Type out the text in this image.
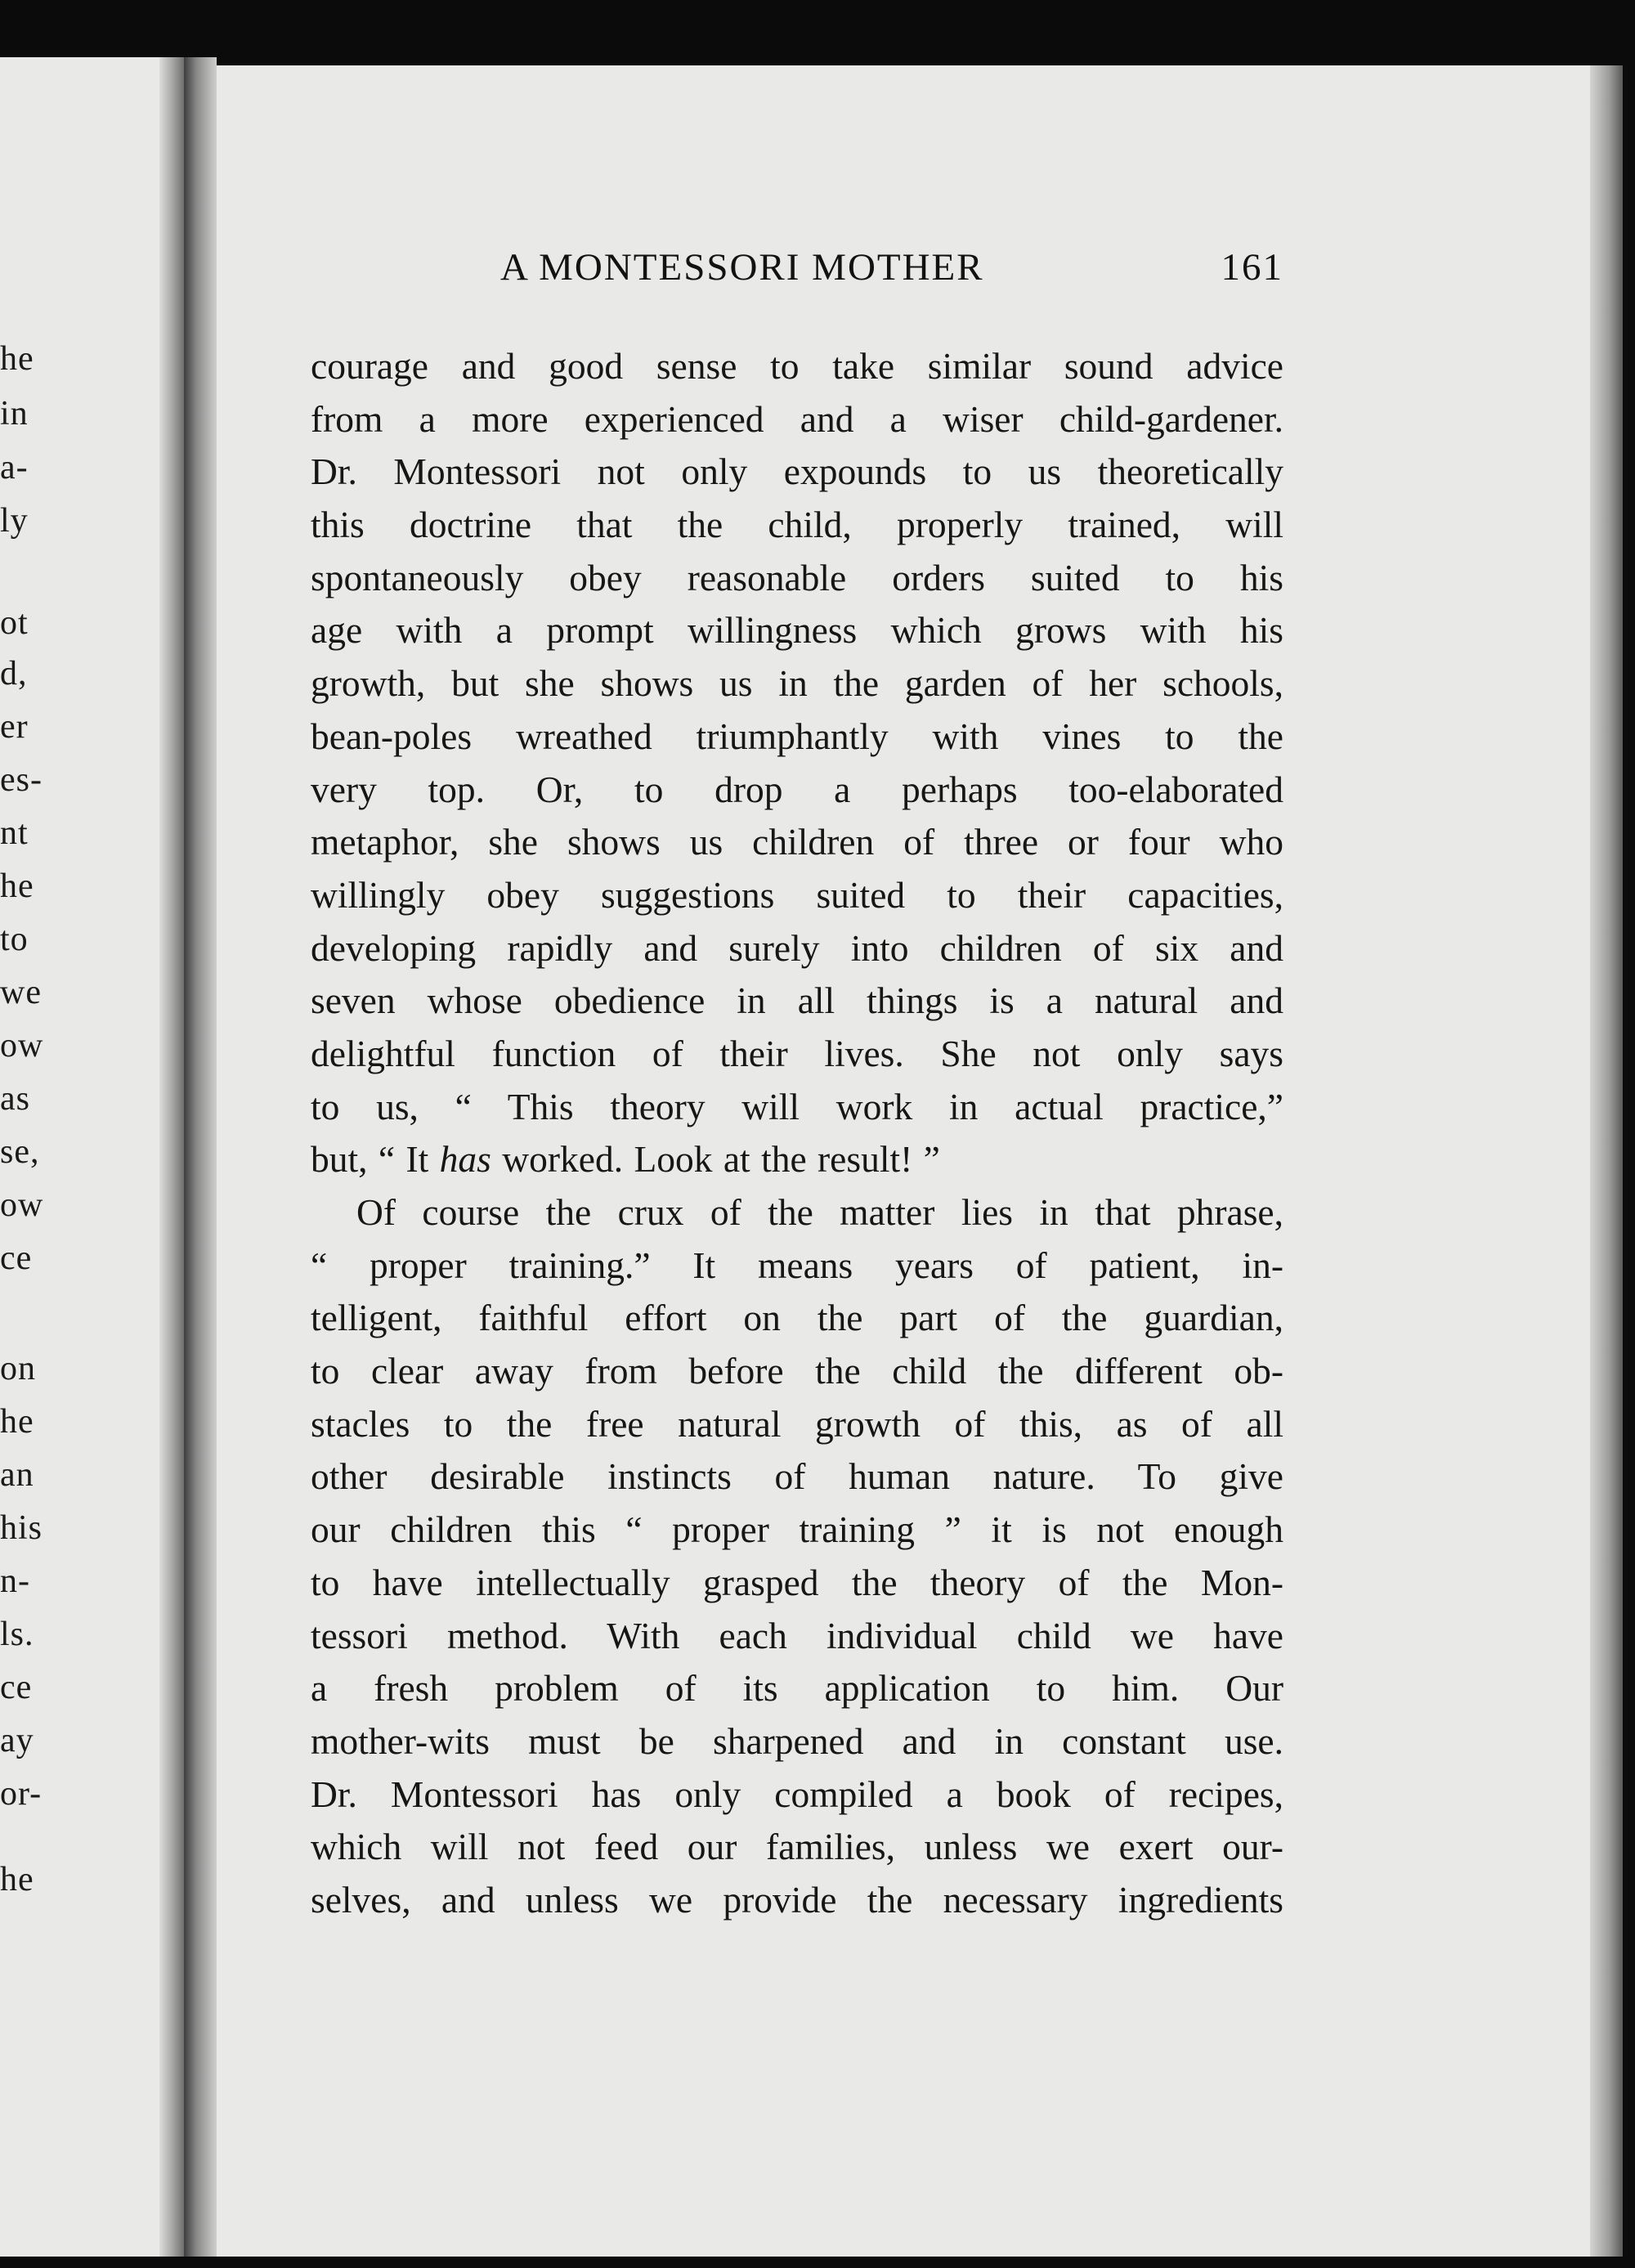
he
in
a-
ly
ot
d,
er
es-
nt
he
to
we
ow
as
se,
ow
ce
on
he
an
his
n-
ls.
ce
ay
or-
he
A MONTESSORI MOTHER	161
courage and good sense to take similar sound advice
from a more experienced and a wiser child-gardener.
Dr. Montessori not only expounds to us theoretically
this doctrine that the child, properly trained, will
spontaneously obey reasonable orders suited to his
age with a prompt willingness which grows with his
growth, but she shows us in the garden of her schools,
bean-poles wreathed triumphantly with vines to the
very top. Or, to drop a perhaps too-elaborated
metaphor, she shows us children of three or four who
willingly obey suggestions suited to their capacities,
developing rapidly and surely into children of six and
seven whose obedience in all things is a natural and
delightful function of their lives. She not only says
to us, “ This theory will work in actual practice,”
but, “ It has worked. Look at the result! ”
Of course the crux of the matter lies in that phrase,
“ proper training.” It means years of patient, in-
telligent, faithful effort on the part of the guardian,
to clear away from before the child the different ob-
stacles to the free natural growth of this, as of all
other desirable instincts of human nature. To give
our children this “ proper training ” it is not enough
to have intellectually grasped the theory of the Mon-
tessori method. With each individual child we have
a fresh problem of its application to him. Our
mother-wits must be sharpened and in constant use.
Dr. Montessori has only compiled a book of recipes,
which will not feed our families, unless we exert our-
selves, and unless we provide the necessary ingredients
